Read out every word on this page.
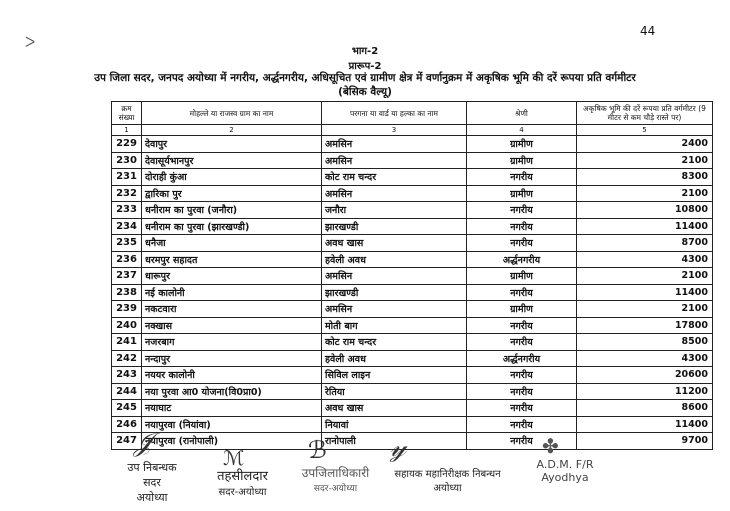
ᐳ
44
भाग-2
प्रारूप-2
उप जिला सदर, जनपद अयोध्या में नगरीय, अर्द्धनगरीय, अधिसूचित एवं ग्रामीण क्षेत्र में वर्णानुक्रम में अकृषिक भूमि की दरें रूपया प्रति वर्गमीटर
(बेसिक वैल्यू)
क्रम संख्या	मोहल्ले या राजस्व ग्राम का नाम	परगना या वार्ड या हल्का का नाम	श्रेणी	अकृषिक भूमि की दरें रूपया प्रति वर्गमीटर (9 मीटर से कम चौड़े रास्ते पर)
1	2	3	4	5
229	देवापुर	अमसिन	ग्रामीण	2400
230	देवासूर्यभानपुर	अमसिन	ग्रामीण	2100
231	दोराही कुंआ	कोट राम चन्दर	नगरीय	8300
232	द्वारिका पुर	अमसिन	ग्रामीण	2100
233	धनीराम का पुरवा (जनौरा)	जनौरा	नगरीय	10800
234	धनीराम का पुरवा (झारखण्डी)	झारखण्डी	नगरीय	11400
235	धनैजा	अवध खास	नगरीय	8700
236	धरमपुर सहादत	हवेली अवध	अर्द्धनगरीय	4300
237	धारूपुर	अमसिन	ग्रामीण	2100
238	नई कालोनी	झारखण्डी	नगरीय	11400
239	नकटवारा	अमसिन	ग्रामीण	2100
240	नक्खास	मोती बाग	नगरीय	17800
241	नजरबाग	कोट राम चन्दर	नगरीय	8500
242	नन्दापुर	हवेली अवध	अर्द्धनगरीय	4300
243	नययर कालोनी	सिविल लाइन	नगरीय	20600
244	नया पुरवा आ0 योजना(वि0प्रा0)	रेतिया	नगरीय	11200
245	नयाघाट	अवध खास	नगरीय	8600
246	नयापुरवा (नियांवा)	नियावां	नगरीय	11400
247	नयापुरवा (रानोपाली)	रानोपाली	नगरीय	9700
𝒥
उप निबन्धक
सदर
अयोध्या
ℳ
तहसीलदार
सदर-अयोध्या
ℬ
उपजिलाधिकारी
सदर-अयोध्या
𝓎
सहायक महानिरीक्षक निबन्धन
अयोध्या
✤
A.D.M. F/R
Ayodhya
